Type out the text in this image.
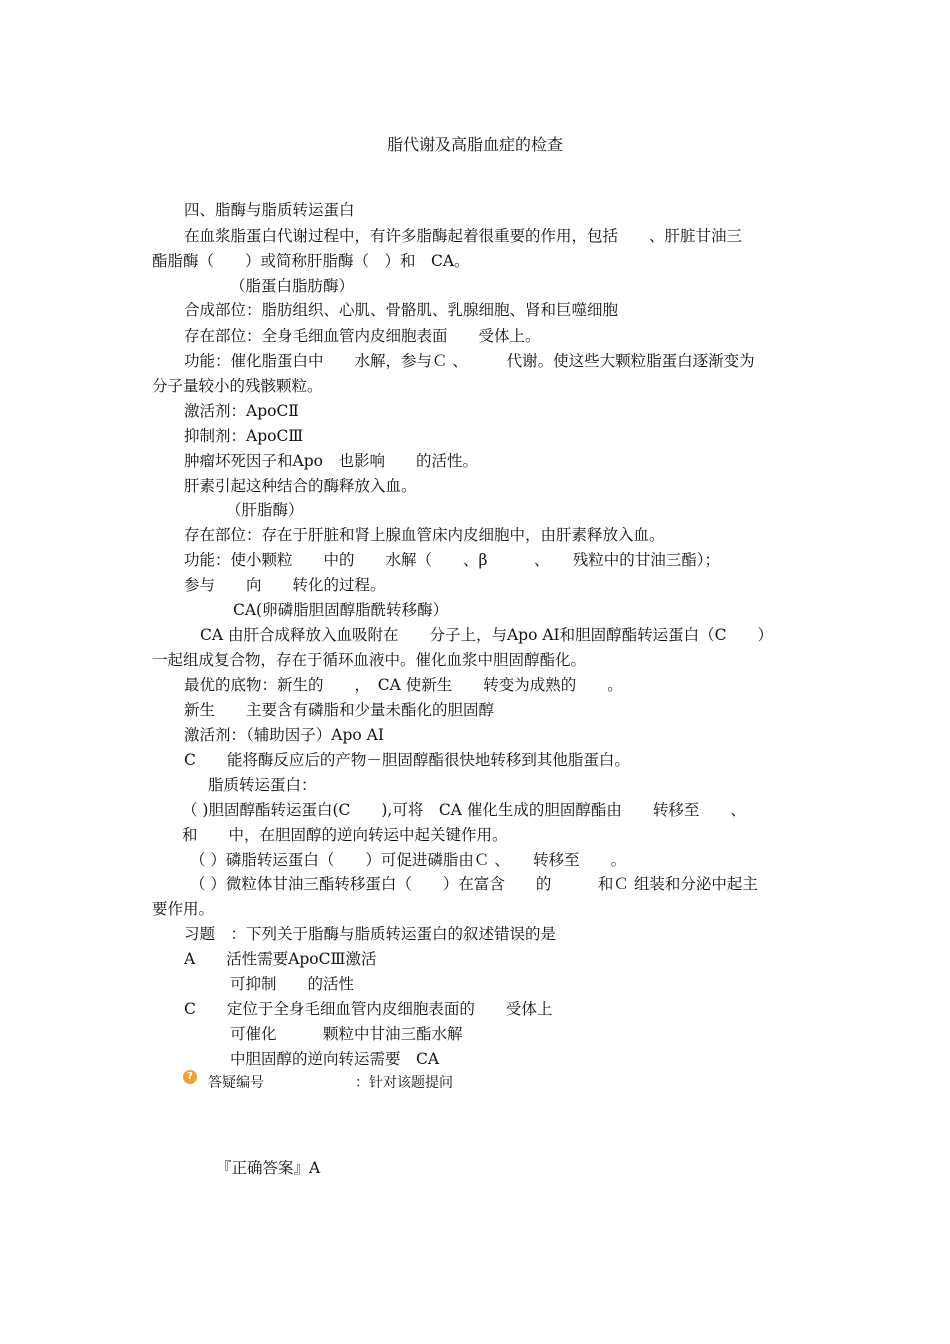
脂代谢及高脂血症的检查
四、脂酶与脂质转运蛋白
在血浆脂蛋白代谢过程中，有许多脂酶起着很重要的作用，包括　　、肝脏甘油三
酯脂酶（　　）或简称肝脂酶（　）和　CA。
（脂蛋白脂肪酶）
合成部位：脂肪组织、心肌、骨骼肌、乳腺细胞、肾和巨噬细胞
存在部位：全身毛细血管内皮细胞表面　　受体上。
功能：催化脂蛋白中　　水解，参与Ｃ 、　　　代谢。使这些大颗粒脂蛋白逐渐变为
分子量较小的残骸颗粒。
激活剂：ApoCⅡ
抑制剂：ApoCⅢ
肿瘤坏死因子和Apo　也影响　　的活性。
肝素引起这种结合的酶释放入血。
（肝脂酶）
存在部位：存在于肝脏和肾上腺血管床内皮细胞中，由肝素释放入血。
功能：使小颗粒　　中的　　水解（　　、β　　　、　　残粒中的甘油三酯）；
参与　　向　　转化的过程。
CA(卵磷脂胆固醇脂酰转移酶）
CA 由肝合成释放入血吸附在　　分子上，与Apo AⅠ和胆固醇酯转运蛋白（C　　）
一起组成复合物，存在于循环血液中。催化血浆中胆固醇酯化。
最优的底物：新生的　　，　CA 使新生　　转变为成熟的　　。
新生　　主要含有磷脂和少量未酯化的胆固醇
激活剂：（辅助因子）Apo AⅠ
C　　能将酶反应后的产物－胆固醇酯很快地转移到其他脂蛋白。
脂质转运蛋白：
（ )胆固醇酯转运蛋白(C　　),可将　CA 催化生成的胆固醇酯由　　转移至　　、
和　　中，在胆固醇的逆向转运中起关键作用。
（ ）磷脂转运蛋白（　　）可促进磷脂由Ｃ 、　　转移至　　。
（ ）微粒体甘油三酯转移蛋白（　　）在富含　　的　　　和Ｃ 组装和分泌中起主
要作用。
习题　：下列关于脂酶与脂质转运蛋白的叙述错误的是
A　　活性需要ApoCⅢ激活
可抑制　　的活性
C　　定位于全身毛细血管内皮细胞表面的　　受体上
可催化　　　颗粒中甘油三酯水解
中胆固醇的逆向转运需要　CA
? 答疑编号	：针对该题提问
『正确答案』A
